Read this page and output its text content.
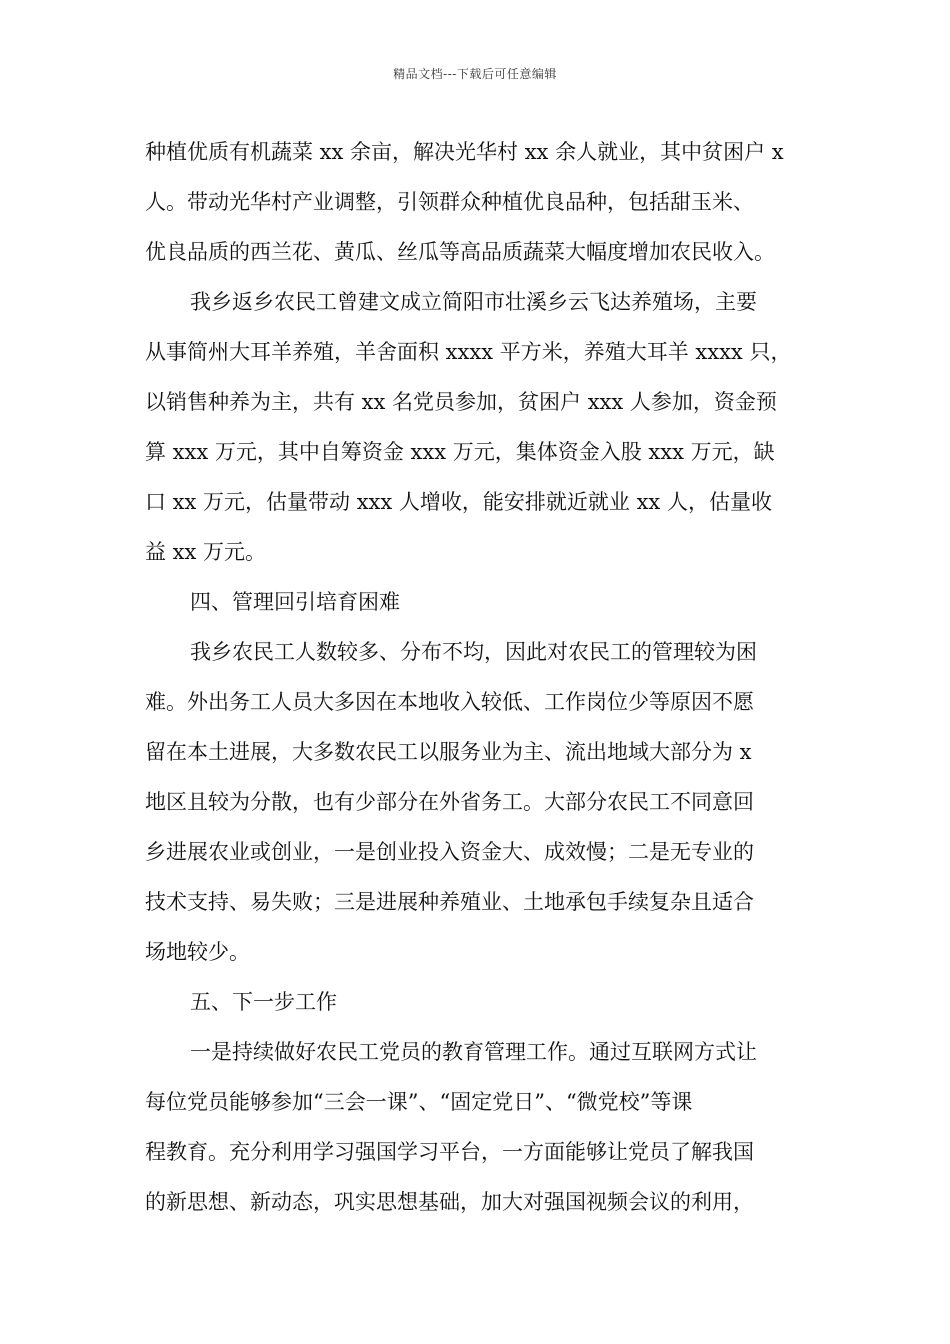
精品文档---下载后可任意编辑
种植优质有机蔬菜 xx 余亩，解决光华村 xx 余人就业，其中贫困户 x
人。带动光华村产业调整，引领群众种植优良品种，包括甜玉米、
优良品质的西兰花、黄瓜、丝瓜等高品质蔬菜大幅度增加农民收入。
我乡返乡农民工曾建文成立简阳市壮溪乡云飞达养殖场，主要
从事简州大耳羊养殖，羊舍面积 xxxx 平方米，养殖大耳羊 xxxx 只，
以销售种养为主，共有 xx 名党员参加，贫困户 xxx 人参加，资金预
算 xxx 万元，其中自筹资金 xxx 万元，集体资金入股 xxx 万元，缺
口 xx 万元，估量带动 xxx 人增收，能安排就近就业 xx 人，估量收
益 xx 万元。
四、管理回引培育困难
我乡农民工人数较多、分布不均，因此对农民工的管理较为困
难。外出务工人员大多因在本地收入较低、工作岗位少等原因不愿
留在本土进展，大多数农民工以服务业为主、流出地域大部分为 x
地区且较为分散，也有少部分在外省务工。大部分农民工不同意回
乡进展农业或创业，一是创业投入资金大、成效慢；二是无专业的
技术支持、易失败；三是进展种养殖业、土地承包手续复杂且适合
场地较少。
五、下一步工作
一是持续做好农民工党员的教育管理工作。通过互联网方式让
每位党员能够参加“三会一课”、“固定党日”、“微党校”等课
程教育。充分利用学习强国学习平台，一方面能够让党员了解我国
的新思想、新动态，巩实思想基础，加大对强国视频会议的利用，
